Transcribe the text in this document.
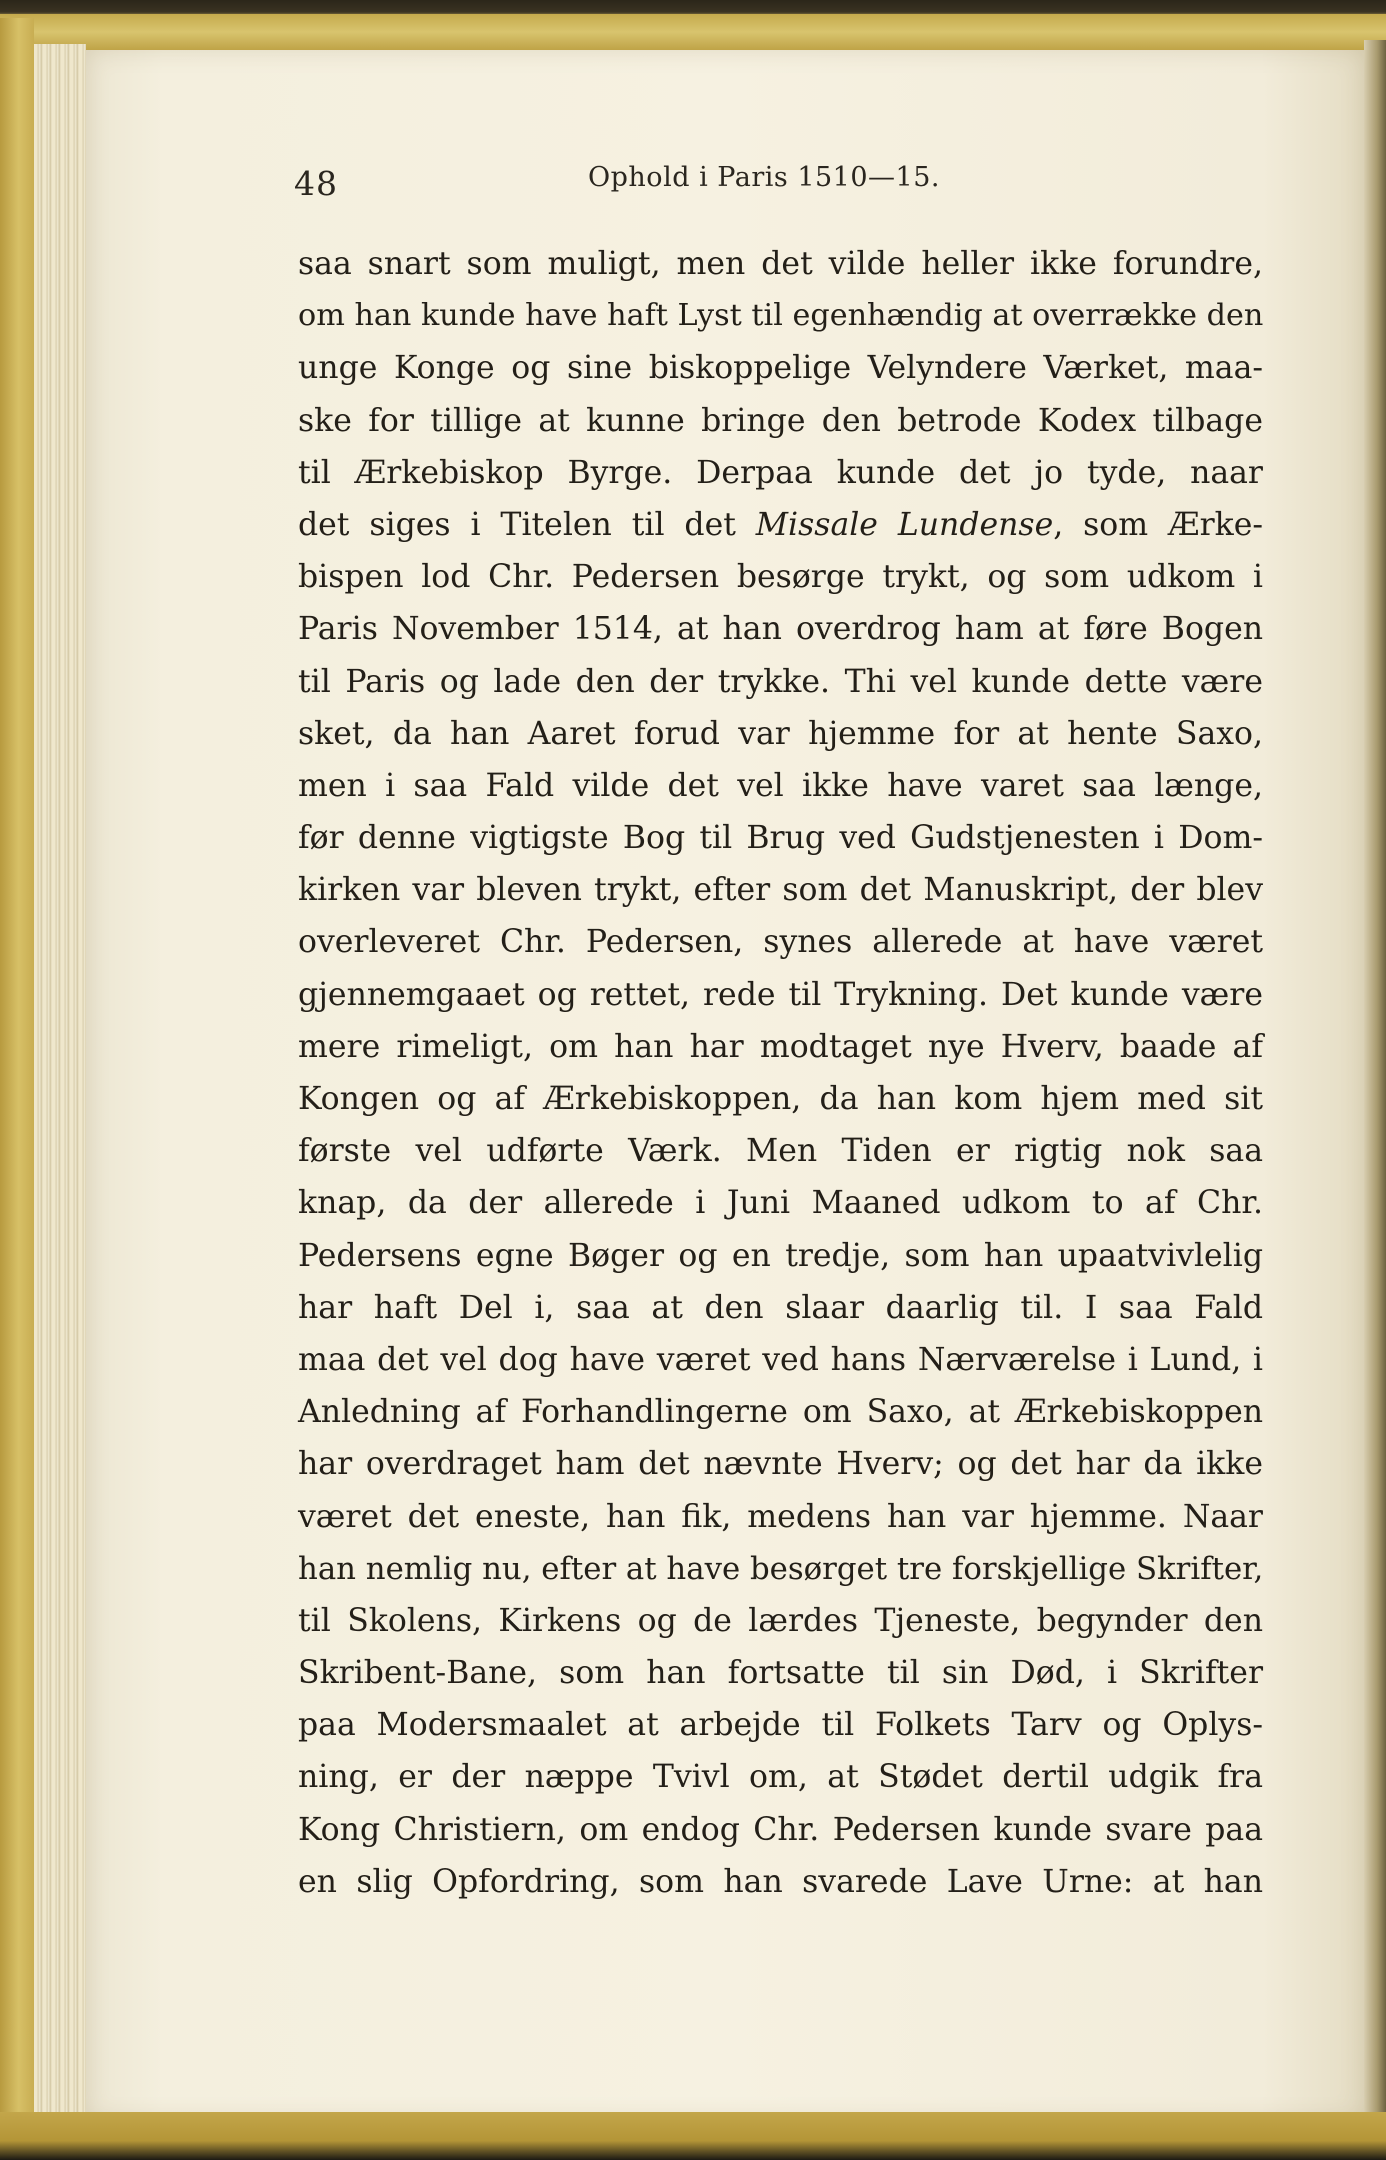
48	Ophold i Paris 1510—15.
saa snart som muligt, men det vilde heller ikke forundre,
om han kunde have haft Lyst til egenhændig at overrække den
unge Konge og sine biskoppelige Velyndere Værket, maa-
ske for tillige at kunne bringe den betrode Kodex tilbage
til Ærkebiskop Byrge. Derpaa kunde det jo tyde, naar
det siges i Titelen til det Missale Lundense, som Ærke-
bispen lod Chr. Pedersen besørge trykt, og som udkom i
Paris November 1514, at han overdrog ham at føre Bogen
til Paris og lade den der trykke. Thi vel kunde dette være
sket, da han Aaret forud var hjemme for at hente Saxo,
men i saa Fald vilde det vel ikke have varet saa længe,
før denne vigtigste Bog til Brug ved Gudstjenesten i Dom-
kirken var bleven trykt, efter som det Manuskript, der blev
overleveret Chr. Pedersen, synes allerede at have været
gjennemgaaet og rettet, rede til Trykning. Det kunde være
mere rimeligt, om han har modtaget nye Hverv, baade af
Kongen og af Ærkebiskoppen, da han kom hjem med sit
første vel udførte Værk. Men Tiden er rigtig nok saa
knap, da der allerede i Juni Maaned udkom to af Chr.
Pedersens egne Bøger og en tredje, som han upaatvivlelig
har haft Del i, saa at den slaar daarlig til. I saa Fald
maa det vel dog have været ved hans Nærværelse i Lund, i
Anledning af Forhandlingerne om Saxo, at Ærkebiskoppen
har overdraget ham det nævnte Hverv; og det har da ikke
været det eneste, han fik, medens han var hjemme. Naar
han nemlig nu, efter at have besørget tre forskjellige Skrifter,
til Skolens, Kirkens og de lærdes Tjeneste, begynder den
Skribent-Bane, som han fortsatte til sin Død, i Skrifter
paa Modersmaalet at arbejde til Folkets Tarv og Oplys-
ning, er der næppe Tvivl om, at Stødet dertil udgik fra
Kong Christiern, om endog Chr. Pedersen kunde svare paa
en slig Opfordring, som han svarede Lave Urne: at han
